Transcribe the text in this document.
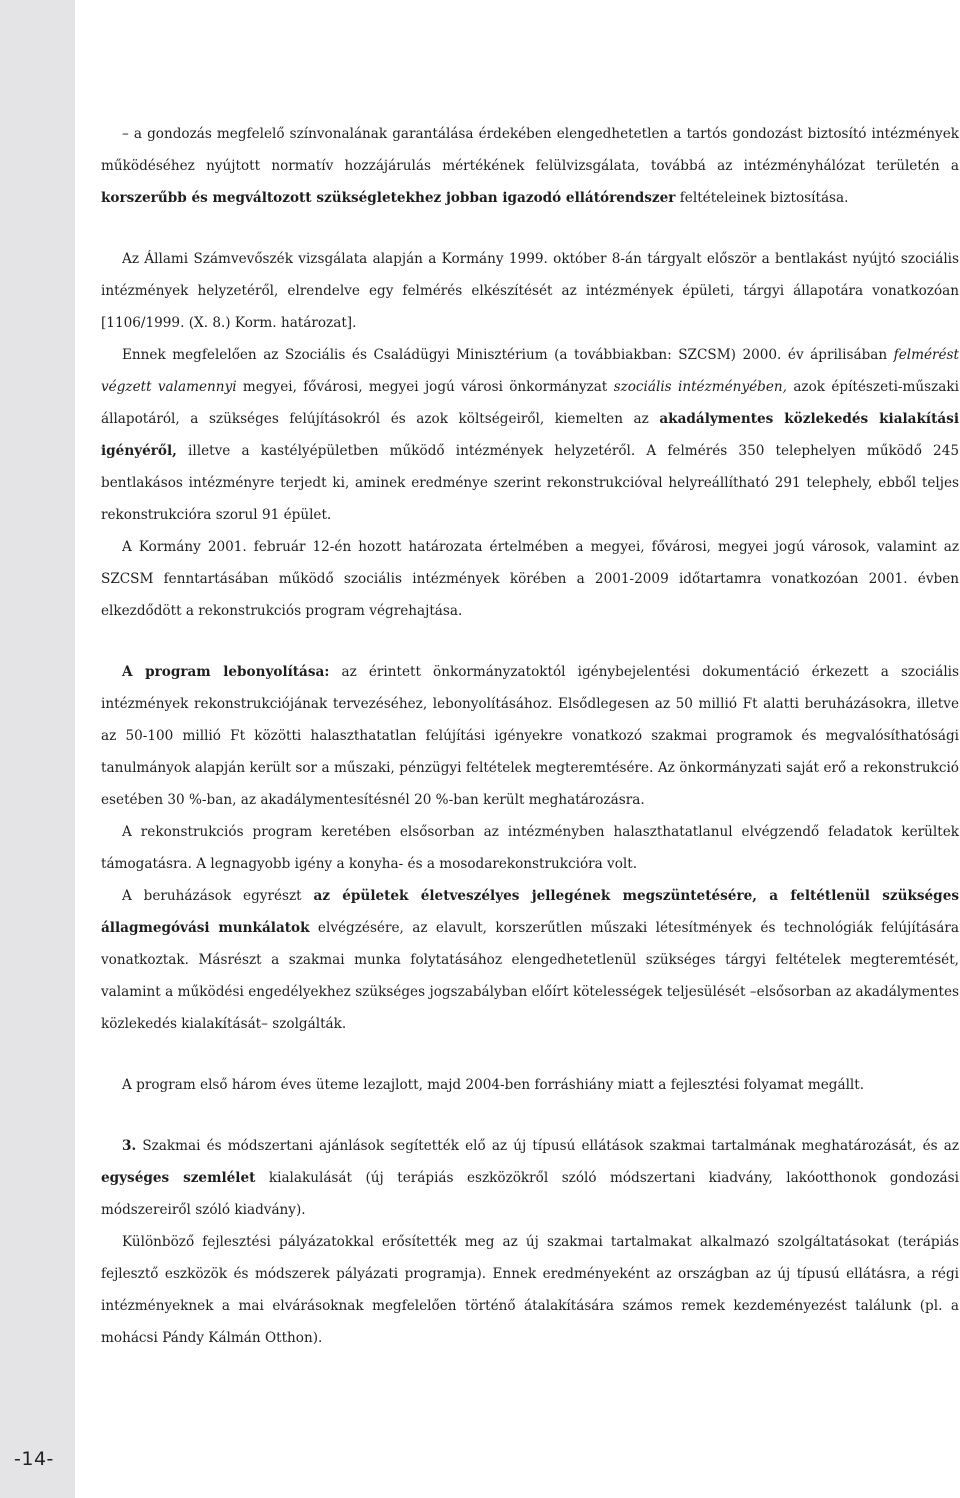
-14-

– a gondozás megfelelő színvonalának garantálása érdekében elengedhetetlen a tartós gondozást biztosító intézmények működéséhez nyújtott normatív hozzájárulás mértékének felülvizsgálata, továbbá az intézményhálózat területén a korszerűbb és megváltozott szükségletekhez jobban igazodó ellátórendszer feltételeinek biztosítása.

Az Állami Számvevőszék vizsgálata alapján a Kormány 1999. október 8-án tárgyalt először a bentlakást nyújtó szociális intézmények helyzetéről, elrendelve egy felmérés elkészítését az intézmények épületi, tárgyi állapotára vonatkozóan [1106/1999. (X. 8.) Korm. határozat].

Ennek megfelelően az Szociális és Családügyi Minisztérium (a továbbiakban: SZCSM) 2000. év áprilisában felmérést végzett valamennyi megyei, fővárosi, megyei jogú városi önkormányzat szociális intézményében, azok építészeti-műszaki állapotáról, a szükséges felújításokról és azok költségeiről, kiemelten az akadálymentes közlekedés kialakítási igényéről, illetve a kastélyépületben működő intézmények helyzetéről. A felmérés 350 telephelyen működő 245 bentlakásos intézményre terjedt ki, aminek eredménye szerint rekonstrukcióval helyreállítható 291 telephely, ebből teljes rekonstrukcióra szorul 91 épület.

A Kormány 2001. február 12-én hozott határozata értelmében a megyei, fővárosi, megyei jogú városok, valamint az SZCSM fenntartásában működő szociális intézmények körében a 2001-2009 időtartamra vonatkozóan 2001. évben elkezdődött a rekonstrukciós program végrehajtása.

A program lebonyolítása: az érintett önkormányzatoktól igénybejelentési dokumentáció érkezett a szociális intézmények rekonstrukciójának tervezéséhez, lebonyolításához. Elsődlegesen az 50 millió Ft alatti beruházásokra, illetve az 50-100 millió Ft közötti halaszthatatlan felújítási igényekre vonatkozó szakmai programok és megvalósíthatósági tanulmányok alapján került sor a műszaki, pénzügyi feltételek megteremtésére. Az önkormányzati saját erő a rekonstrukció esetében 30 %-ban, az akadálymentesítésnél 20 %-ban került meghatározásra.

A rekonstrukciós program keretében elsősorban az intézményben halaszthatatlanul elvégzendő feladatok kerültek támogatásra. A legnagyobb igény a konyha- és a mosodarekonstrukcióra volt.

A beruházások egyrészt az épületek életveszélyes jellegének megszüntetésére, a feltétlenül szükséges állagmegóvási munkálatok elvégzésére, az elavult, korszerűtlen műszaki létesítmények és technológiák felújítására vonatkoztak. Másrészt a szakmai munka folytatásához elengedhetetlenül szükséges tárgyi feltételek megteremtését, valamint a működési engedélyekhez szükséges jogszabályban előírt kötelességek teljesülését –elsősorban az akadálymentes közlekedés kialakítását– szolgálták.

A program első három éves üteme lezajlott, majd 2004-ben forráshiány miatt a fejlesztési folyamat megállt.

3. Szakmai és módszertani ajánlások segítették elő az új típusú ellátások szakmai tartalmának meghatározását, és az egységes szemlélet kialakulását (új terápiás eszközökről szóló módszertani kiadvány, lakóotthonok gondozási módszereiről szóló kiadvány).

Különböző fejlesztési pályázatokkal erősítették meg az új szakmai tartalmakat alkalmazó szolgáltatásokat (terápiás fejlesztő eszközök és módszerek pályázati programja). Ennek eredményeként az országban az új típusú ellátásra, a régi intézményeknek a mai elvárásoknak megfelelően történő átalakítására számos remek kezdeményezést találunk (pl. a mohácsi Pándy Kálmán Otthon).
